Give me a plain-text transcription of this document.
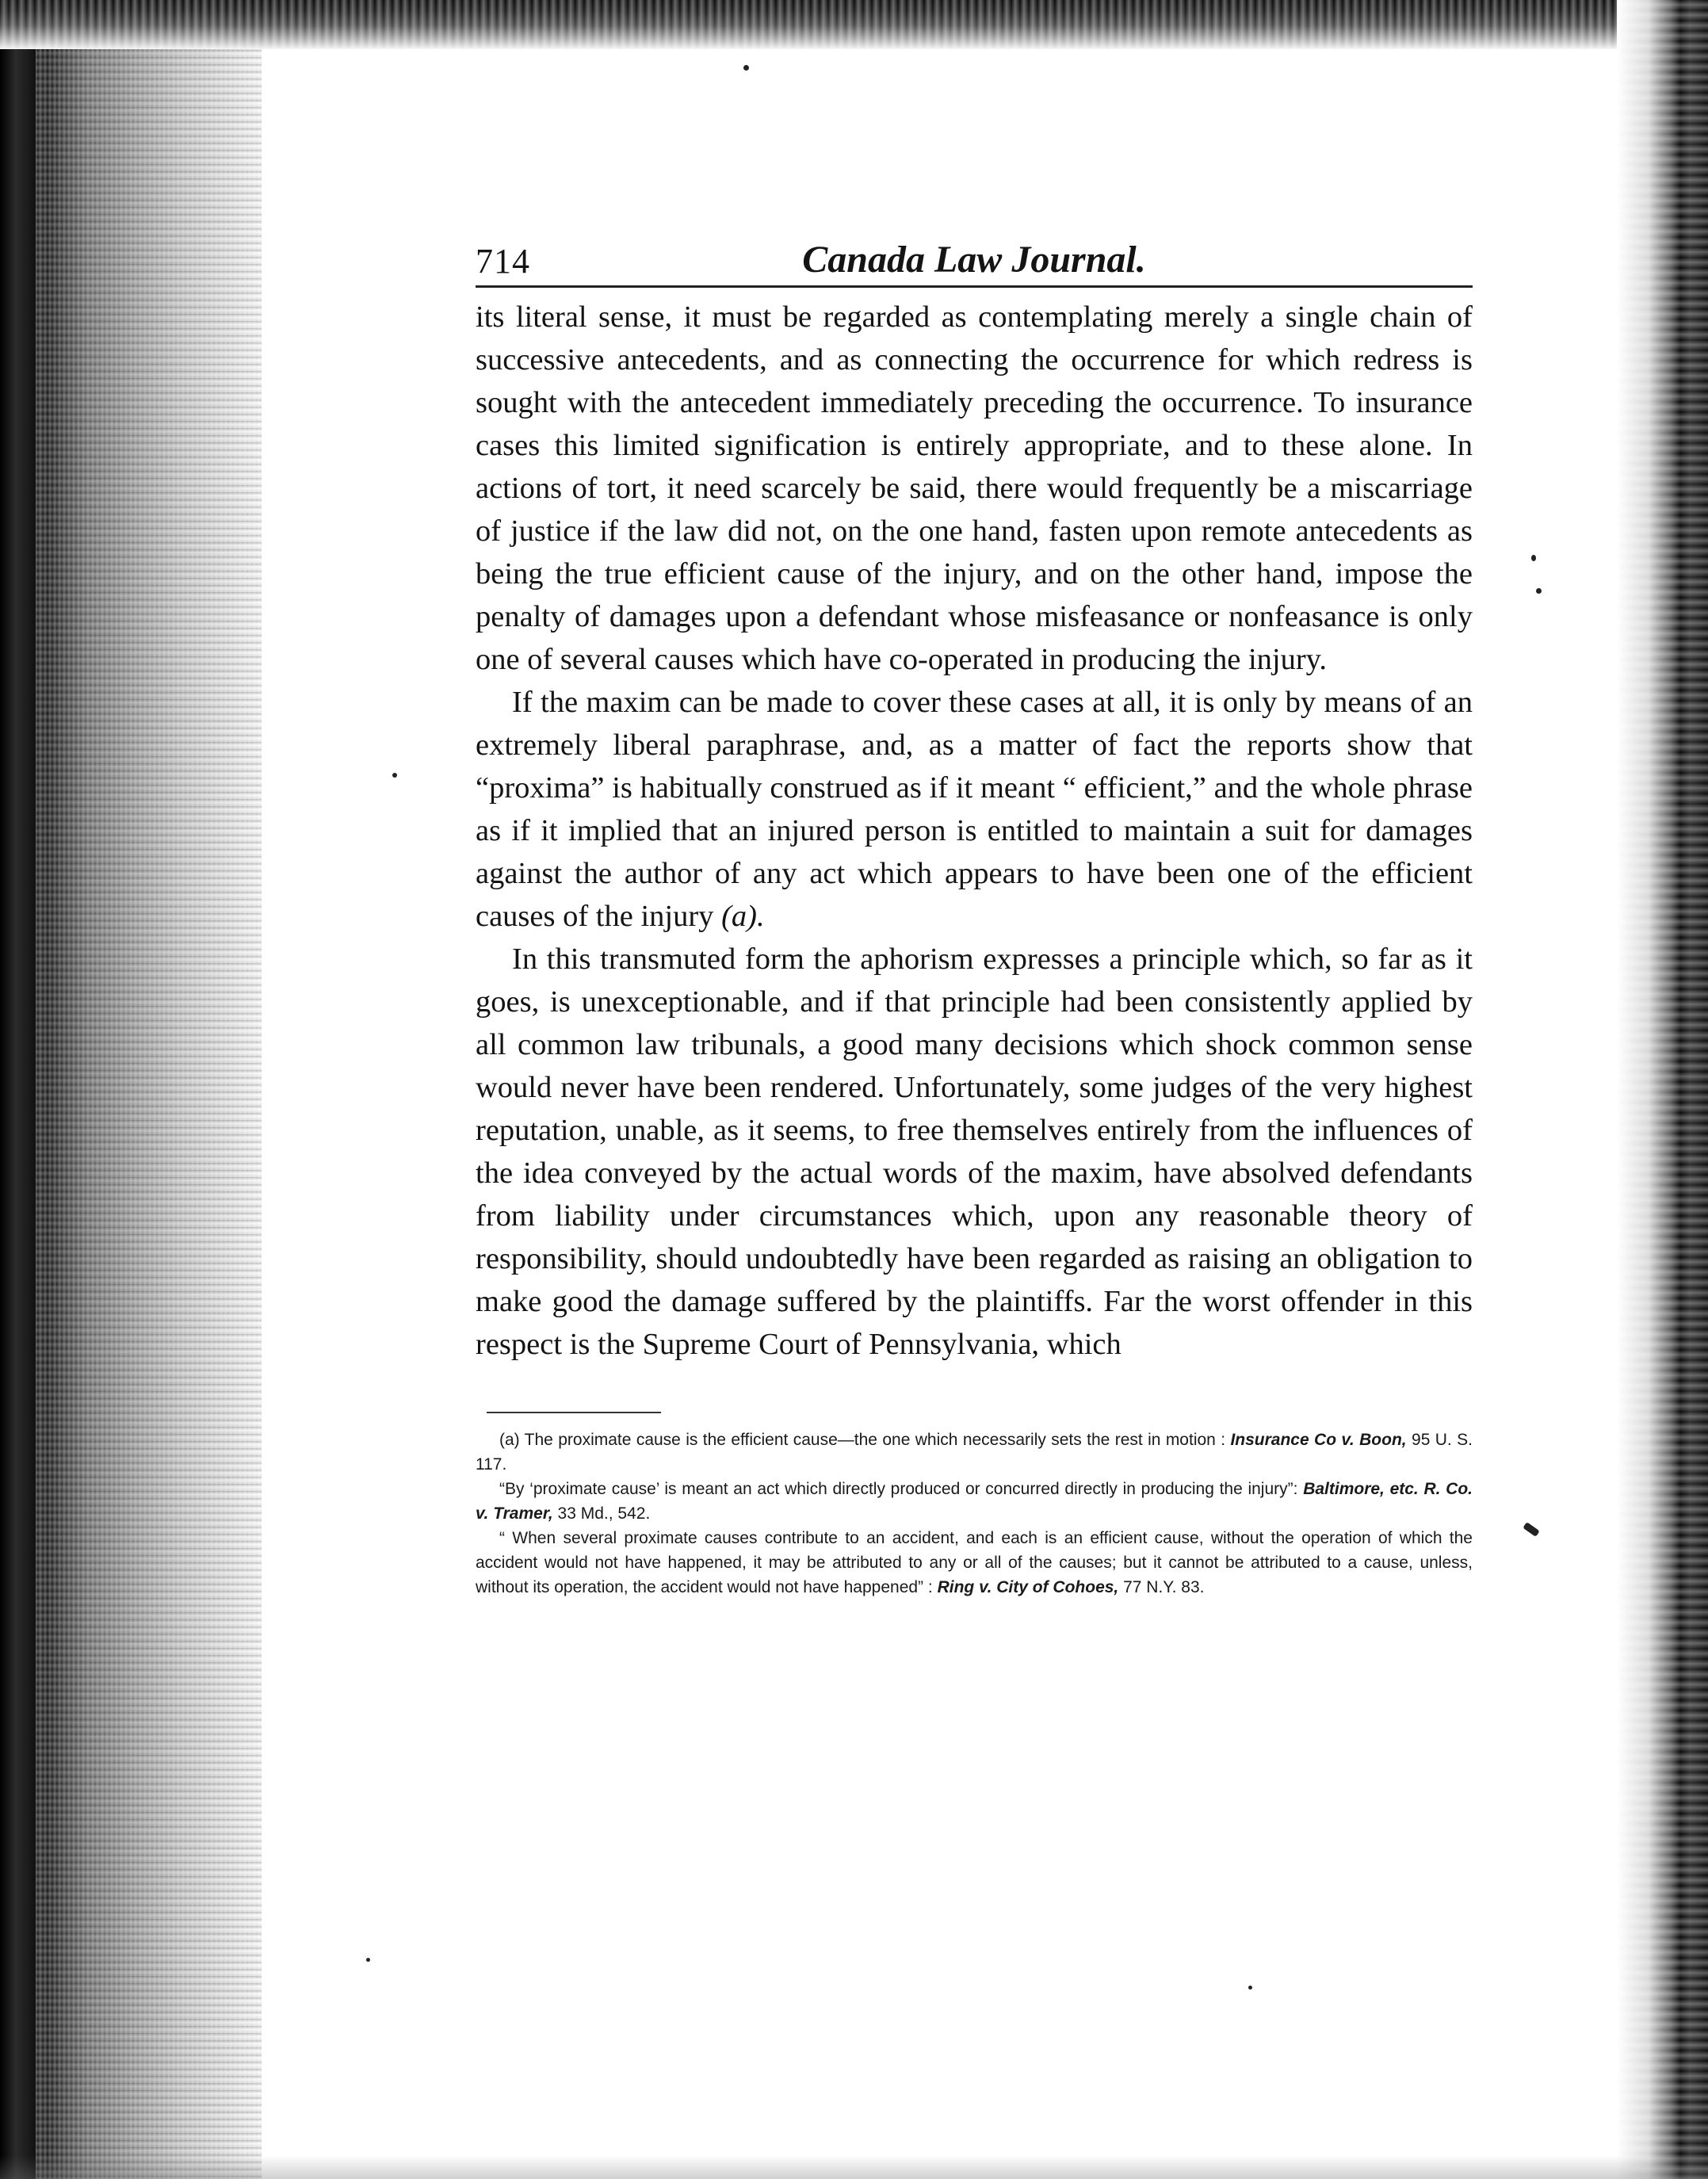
714	Canada Law Journal.

its literal sense, it must be regarded as contemplating merely a single chain of successive antecedents, and as connecting the occurrence for which redress is sought with the antecedent immediately preceding the occurrence. To insurance cases this limited signification is entirely appropriate, and to these alone. In actions of tort, it need scarcely be said, there would frequently be a miscarriage of justice if the law did not, on the one hand, fasten upon remote antecedents as being the true efficient cause of the injury, and on the other hand, impose the penalty of damages upon a defendant whose misfeasance or nonfeasance is only one of several causes which have co-operated in producing the injury.

If the maxim can be made to cover these cases at all, it is only by means of an extremely liberal paraphrase, and, as a matter of fact the reports show that “proxima” is habitually construed as if it meant “ efficient,” and the whole phrase as if it implied that an injured person is entitled to maintain a suit for damages against the author of any act which appears to have been one of the efficient causes of the injury (a).

In this transmuted form the aphorism expresses a principle which, so far as it goes, is unexceptionable, and if that principle had been consistently applied by all common law tribunals, a good many decisions which shock common sense would never have been rendered. Unfortunately, some judges of the very highest reputation, unable, as it seems, to free themselves entirely from the influences of the idea conveyed by the actual words of the maxim, have absolved defendants from liability under circumstances which, upon any reasonable theory of responsibility, should undoubtedly have been regarded as raising an obligation to make good the damage suffered by the plaintiffs. Far the worst offender in this respect is the Supreme Court of Pennsylvania, which

(a) The proximate cause is the efficient cause—the one which necessarily sets the rest in motion : Insurance Co v. Boon, 95 U. S. 117.

“By ‘proximate cause’ is meant an act which directly produced or concurred directly in producing the injury”: Baltimore, etc. R. Co. v. Tramer, 33 Md., 542.

“ When several proximate causes contribute to an accident, and each is an efficient cause, without the operation of which the accident would not have happened, it may be attributed to any or all of the causes; but it cannot be attributed to a cause, unless, without its operation, the accident would not have happened” : Ring v. City of Cohoes, 77 N.Y. 83.
